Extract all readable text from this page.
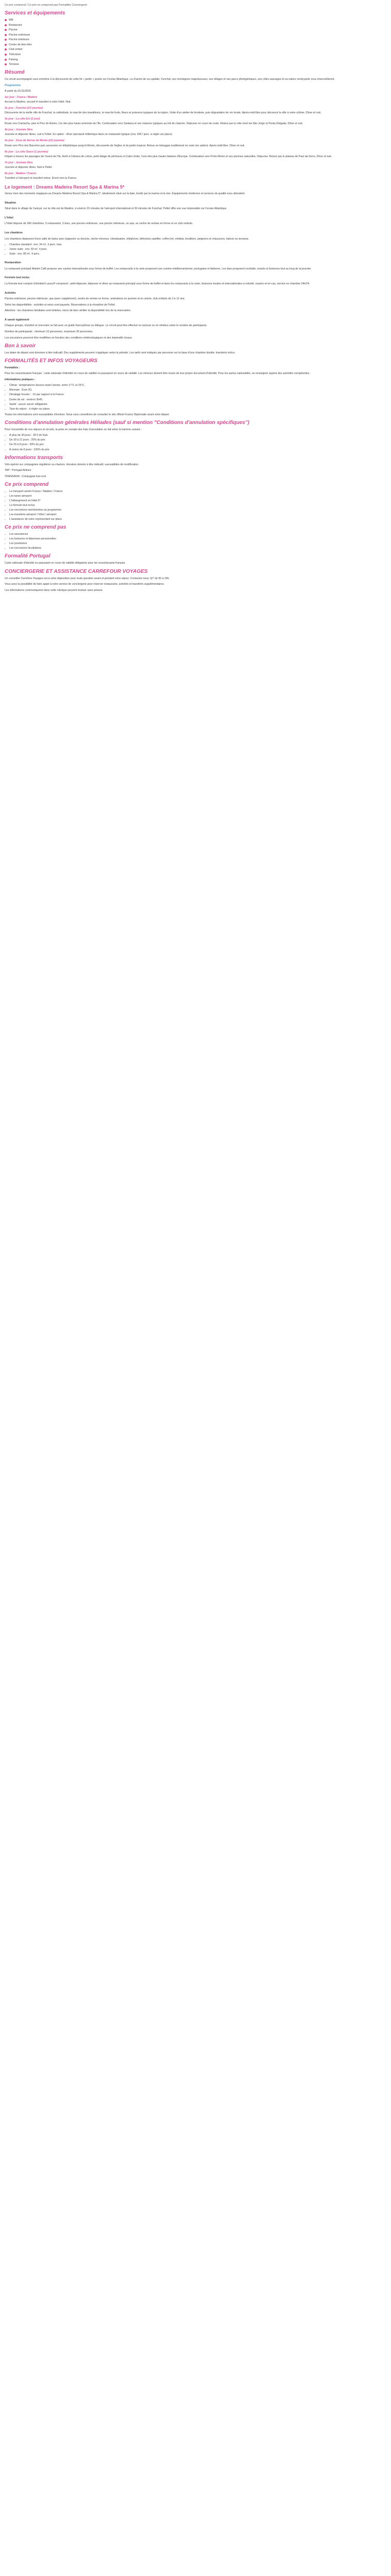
Ce prix comprend / Ce prix ne comprend pas Formalités Conciergerie
Services et équipements
Wifi
Restaurant
Piscine
Piscine extérieure
Piscine intérieure
Centre de bien-être
Club enfant
Télévision
Parking
Terrasse
Résumé

Ce circuit accompagné vous emmène à la découverte de cette île « jardin » posée sur l'océan Atlantique. La charme de sa capitale, Funchal, ses montagnes majestueuses, ses villages et ses parcs photogéniques, ses côtes sauvages et sa nature verdoyante vous émerveilleront.

Programme

À partir du 01/11/2025

1er jour : France / Madère

Accueil à Madère, accueil et transfert à votre hôtel. Nuit.

2e jour : Funchal (1/2 journée)

Découverte de la vieille ville de Funchal, la cathédrale, le marché des travailleurs, le marché fruits, fleurs et poissons typiques de la région. Visite d'un atelier de broderie, puis dégustation de vin locale. Après-midi libre pour découvrir la ville à votre rythme. Dîner et nuit.

3e jour : La côte Est (1 jour)

Route vers Camacha, puis le Pico do Arieiro, l'un des plus hauts sommets de l'île. Continuation vers Santana et ses maisons typiques au toit de chaume. Déjeuner en cours de route. Retour par la côte nord via São Jorge et Ponta Delgada. Dîner et nuit.

4e jour : Journée libre

Journée et déjeuner libres, nuit à l'hôtel. En option : dîner spectacle folklorique dans un restaurant typique (env. 40€ / pers. à régler sur place).

5e jour : Zone de Serras de Monte (1/2 journée)

Route vers Pico dos Barcelos puis ascension en téléphérique jusqu'à Monte, découverte de l'église et du jardin tropical. Retour en toboggan traditionnel en osier (en option). Après-midi libre. Dîner et nuit.

6e jour : La côte Ouest (1 journée)

Départ à travers les paysages de l'ouest de l'île. Arrêt à Câmara de Lobos, petit village de pêcheurs et Cabo Girão, l'une des plus hautes falaises d'Europe. Continuation vers Porto Moniz et ses piscines naturelles. Déjeuner. Retour par le plateau de Paul da Serra. Dîner et nuit.

7e jour : Journée libre

Journée et déjeuner libres. Nuit à l'hôtel.

8e jour : Madère / France

Transfert à l'aéroport et transfert retour. Envol vers la France.

Le logement : Dreams Madeira Resort Spa & Marina 5*

Venez vivre des moments magiques au Dreams Madeira Resort Spa & Marina 5*, idéalement situé sur la baie, bordé par la marina et la mer. Équipements modernes et services de qualité vous attendent.

Situation

Situé dans le village de Caniçal, sur la côte est de Madère, à environ 15 minutes de l'aéroport international et 30 minutes de Funchal, l'hôtel offre une vue imprenable sur l'océan Atlantique.

L'hôtel

L'hôtel dispose de 340 chambres, 5 restaurants, 5 bars, une piscine extérieure, une piscine intérieure, un spa, un centre de remise en forme et un club enfants.

Les chambres

Les chambres disposent d'une salle de bains avec baignoire ou douche, sèche-cheveux, climatisation, téléphone, télévision satellite, coffre-fort, minibar, bouilloire, peignoirs et chaussons, balcon ou terrasse.

• Chambre standard : env. 34 m², 3 pers. max
• Junior suite : env. 50 m², 4 pers.
• Suite : env. 80 m², 4 pers.

Restauration

Le restaurant principal Market Café propose une cuisine internationale sous forme de buffet. Les restaurants à la carte proposent une cuisine méditerranéenne, portugaise et italienne. Les bars proposent cocktails, snacks et boissons tout au long de la journée.

Formule tout inclus

La formule tout compris Unlimited-Luxury® comprend : petit-déjeuner, déjeuner et dîner au restaurant principal sous forme de buffet et dans les restaurants à la carte, boissons locales et internationales à volonté, snacks et en-cas, service en chambre 24h/24.

Activités

Piscine extérieure, piscine intérieure, spa (avec supplément), centre de remise en forme, animations en journée et en soirée, club enfants de 3 à 12 ans.

Selon les disponibilités : activités et soins sont payants. Réservations à la réception de l'hôtel.

Attention : les chambres familiales sont limitées, merci de bien vérifier la disponibilité lors de la réservation.

À savoir également

Chaque groupe, transfert et rencontre se fait avec un guide francophone ou bilingue. Le circuit peut être effectué en autocar ou en minibus selon le nombre de participants.

Nombre de participants : minimum 10 personnes, maximum 35 personnes.

Les excursions pourront être modifiées en fonction des conditions météorologiques et des impératifs locaux.

Bon à savoir

Les dates de départ sont données à titre indicatif. Des suppléments peuvent s'appliquer selon la période. Les tarifs sont indiqués par personne sur la base d'une chambre double, transferts inclus.

FORMALITÉS ET INFOS VOYAGEURS

Formalités :

Pour les ressortissants français : carte nationale d'identité en cours de validité ou passeport en cours de validité. Les mineurs doivent être munis de leur propre document d'identité. Pour les autres nationalités, se renseigner auprès des autorités compétentes.

Informations pratiques :

• Climat : températures douces toute l'année, entre 17°C et 25°C.
• Monnaie : Euro (€).
• Décalage horaire : -1h par rapport à la France.
• Durée de vol : environ 3h45.
• Santé : aucun vaccin obligatoire.
• Taxe de séjour : à régler sur place.

Toutes les informations sont susceptibles d'évoluer. Nous vous conseillons de consulter le site officiel France Diplomatie avant votre départ.

Conditions d'annulation générales Héliades (sauf si mention "Conditions d'annulation spécifiques")

Pour l'ensemble de nos séjours et circuits, la prise en compte des frais d'annulation se fait selon le barème suivant :

• À plus de 30 jours : 30 € de frais
• De 30 à 21 jours : 25% du prix
• De 20 à 8 jours : 50% du prix
• À moins de 8 jours : 100% du prix
Informations transports

Vols opérés sur compagnies régulières ou charters. Horaires donnés à titre indicatif, susceptibles de modification.

TAP : Portugal Airlines

TRANSAVIA : Compagnie low-cost

Ce prix comprend
• Le transport aérien France / Madère / France
• Les taxes aéroport
• L'hébergement en hôtel 5*
• La formule tout inclus
• Les excursions mentionnées au programme
• Les transferts aéroport / hôtel / aéroport
• L'assistance de notre représentant sur place
Ce prix ne comprend pas
• Les assurances
• Les boissons et dépenses personnelles
• Les pourboires
• Les excursions facultatives
Formalité Portugal

Carte nationale d'identité ou passeport en cours de validité obligatoire pour les ressortissants français.

CONCIERGERIE ET ASSISTANCE CARREFOUR VOYAGES

Un conseiller Carrefour Voyages est à votre disposition pour toute question avant et pendant votre séjour. Contactez-nous 7j/7 de 9h à 20h.

Vous avez la possibilité de faire appel à notre service de conciergerie pour réserver restaurants, activités et transferts supplémentaires.

Les informations communiquées dans cette rubrique peuvent évoluer sans préavis.
